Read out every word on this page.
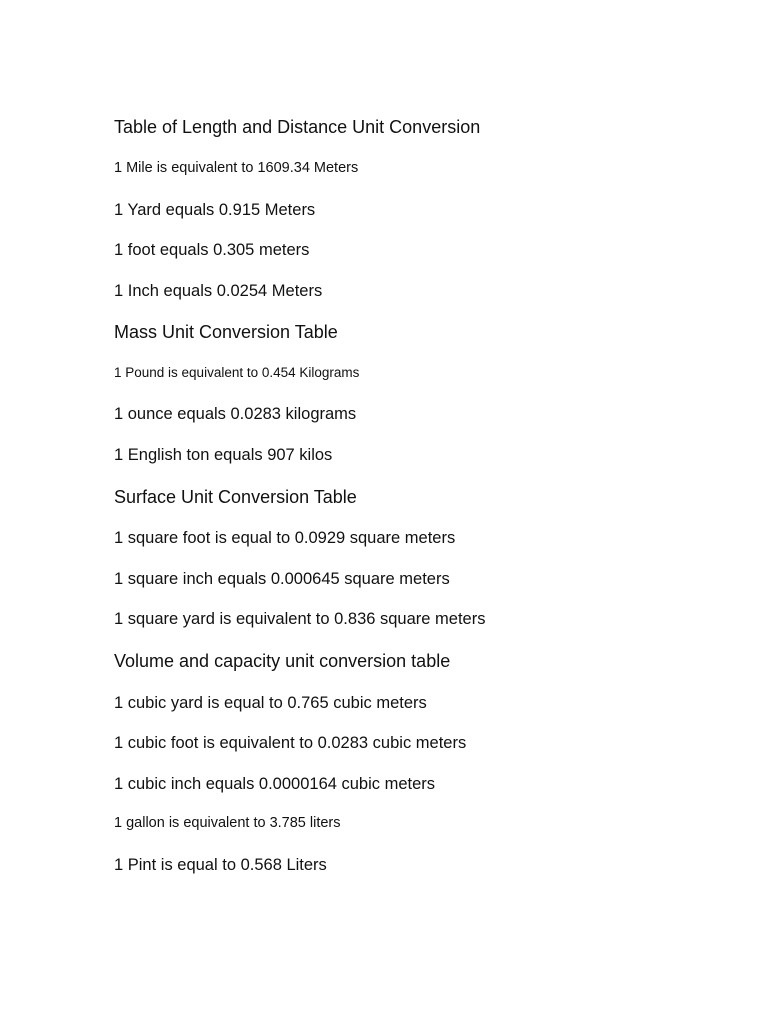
Table of Length and Distance Unit Conversion
1 Mile is equivalent to 1609.34 Meters
1 Yard equals 0.915 Meters
1 foot equals 0.305 meters
1 Inch equals 0.0254 Meters
Mass Unit Conversion Table
1 Pound is equivalent to 0.454 Kilograms
1 ounce equals 0.0283 kilograms
1 English ton equals 907 kilos
Surface Unit Conversion Table
1 square foot is equal to 0.0929 square meters
1 square inch equals 0.000645 square meters
1 square yard is equivalent to 0.836 square meters
Volume and capacity unit conversion table
1 cubic yard is equal to 0.765 cubic meters
1 cubic foot is equivalent to 0.0283 cubic meters
1 cubic inch equals 0.0000164 cubic meters
1 gallon is equivalent to 3.785 liters
1 Pint is equal to 0.568 Liters
